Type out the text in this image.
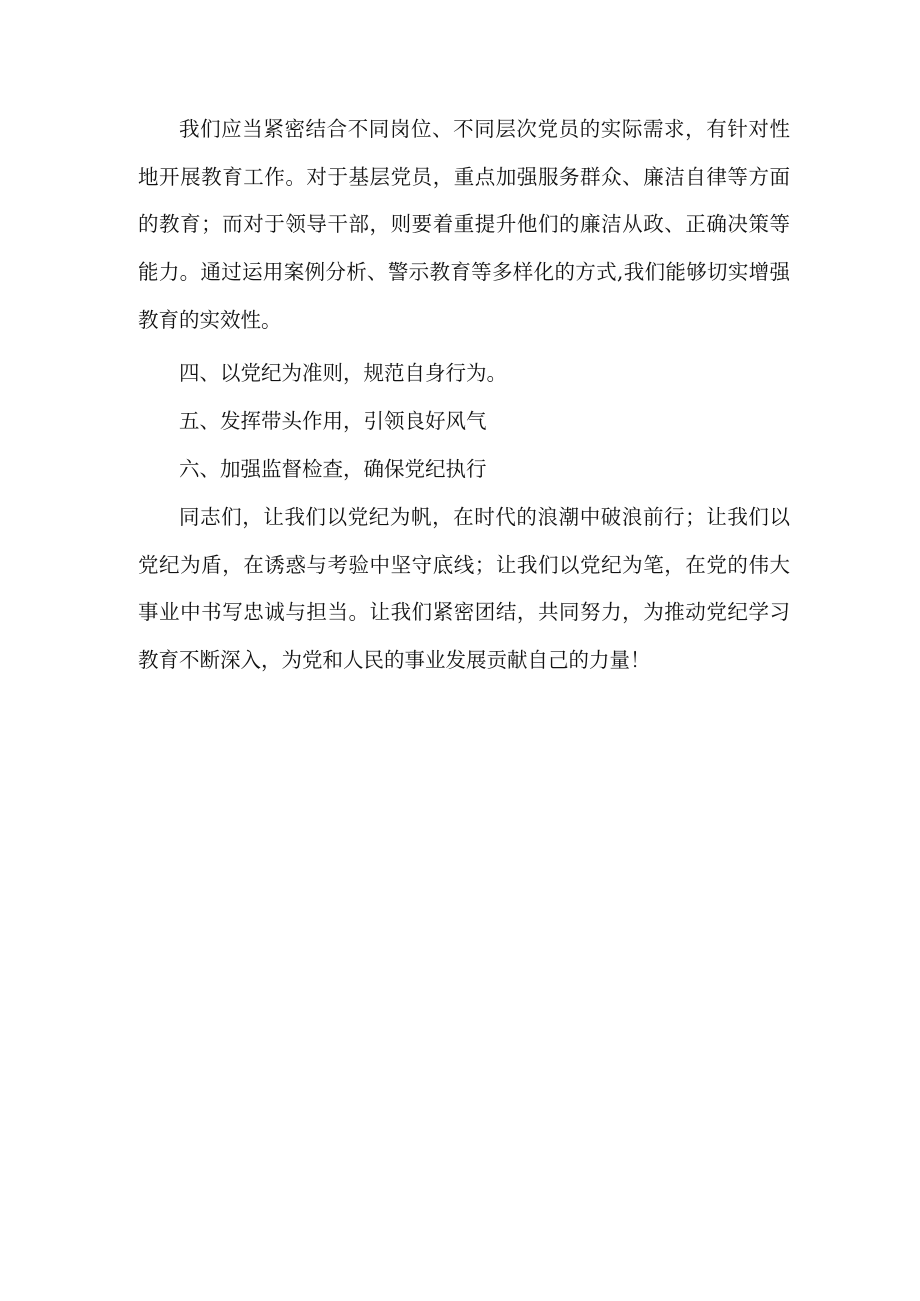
我们应当紧密结合不同岗位、不同层次党员的实际需求，有针对性地开展教育工作。对于基层党员，重点加强服务群众、廉洁自律等方面的教育；而对于领导干部，则要着重提升他们的廉洁从政、正确决策等能力。通过运用案例分析、警示教育等多样化的方式,我们能够切实增强教育的实效性。

四、以党纪为准则，规范自身行为。

五、发挥带头作用，引领良好风气

六、加强监督检查，确保党纪执行

同志们，让我们以党纪为帆，在时代的浪潮中破浪前行；让我们以党纪为盾，在诱惑与考验中坚守底线；让我们以党纪为笔，在党的伟大事业中书写忠诚与担当。让我们紧密团结，共同努力，为推动党纪学习教育不断深入，为党和人民的事业发展贡献自己的力量！
